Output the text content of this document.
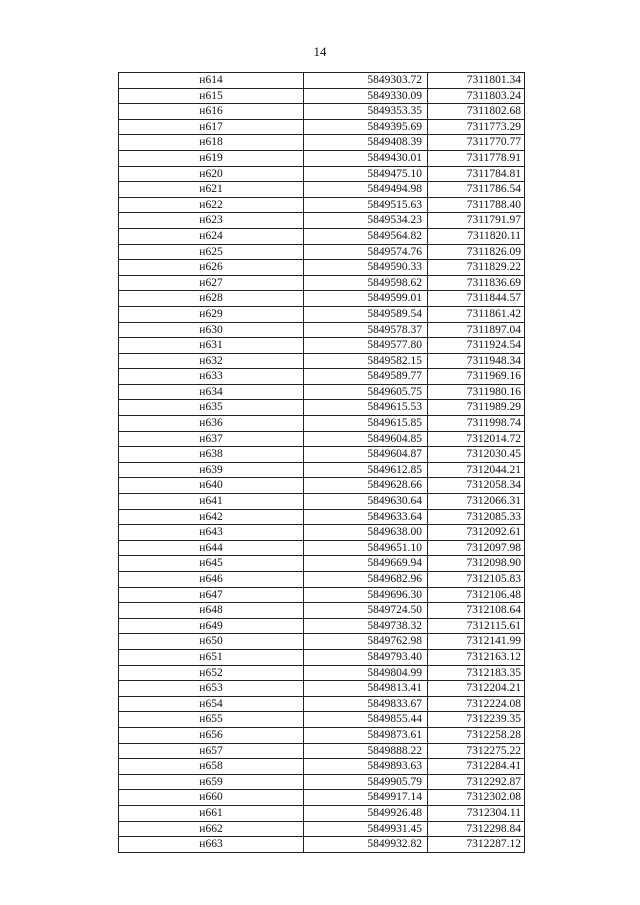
14
н614	5849303.72	7311801.34
н615	5849330.09	7311803.24
н616	5849353.35	7311802.68
н617	5849395.69	7311773.29
н618	5849408.39	7311770.77
н619	5849430.01	7311778.91
н620	5849475.10	7311784.81
н621	5849494.98	7311786.54
н622	5849515.63	7311788.40
н623	5849534.23	7311791.97
н624	5849564.82	7311820.11
н625	5849574.76	7311826.09
н626	5849590.33	7311829.22
н627	5849598.62	7311836.69
н628	5849599.01	7311844.57
н629	5849589.54	7311861.42
н630	5849578.37	7311897.04
н631	5849577.80	7311924.54
н632	5849582.15	7311948.34
н633	5849589.77	7311969.16
н634	5849605.75	7311980.16
н635	5849615.53	7311989.29
н636	5849615.85	7311998.74
н637	5849604.85	7312014.72
н638	5849604.87	7312030.45
н639	5849612.85	7312044.21
н640	5849628.66	7312058.34
н641	5849630.64	7312066.31
н642	5849633.64	7312085.33
н643	5849638.00	7312092.61
н644	5849651.10	7312097.98
н645	5849669.94	7312098.90
н646	5849682.96	7312105.83
н647	5849696.30	7312106.48
н648	5849724.50	7312108.64
н649	5849738.32	7312115.61
н650	5849762.98	7312141.99
н651	5849793.40	7312163.12
н652	5849804.99	7312183.35
н653	5849813.41	7312204.21
н654	5849833.67	7312224.08
н655	5849855.44	7312239.35
н656	5849873.61	7312258.28
н657	5849888.22	7312275.22
н658	5849893.63	7312284.41
н659	5849905.79	7312292.87
н660	5849917.14	7312302.08
н661	5849926.48	7312304.11
н662	5849931.45	7312298.84
н663	5849932.82	7312287.12
